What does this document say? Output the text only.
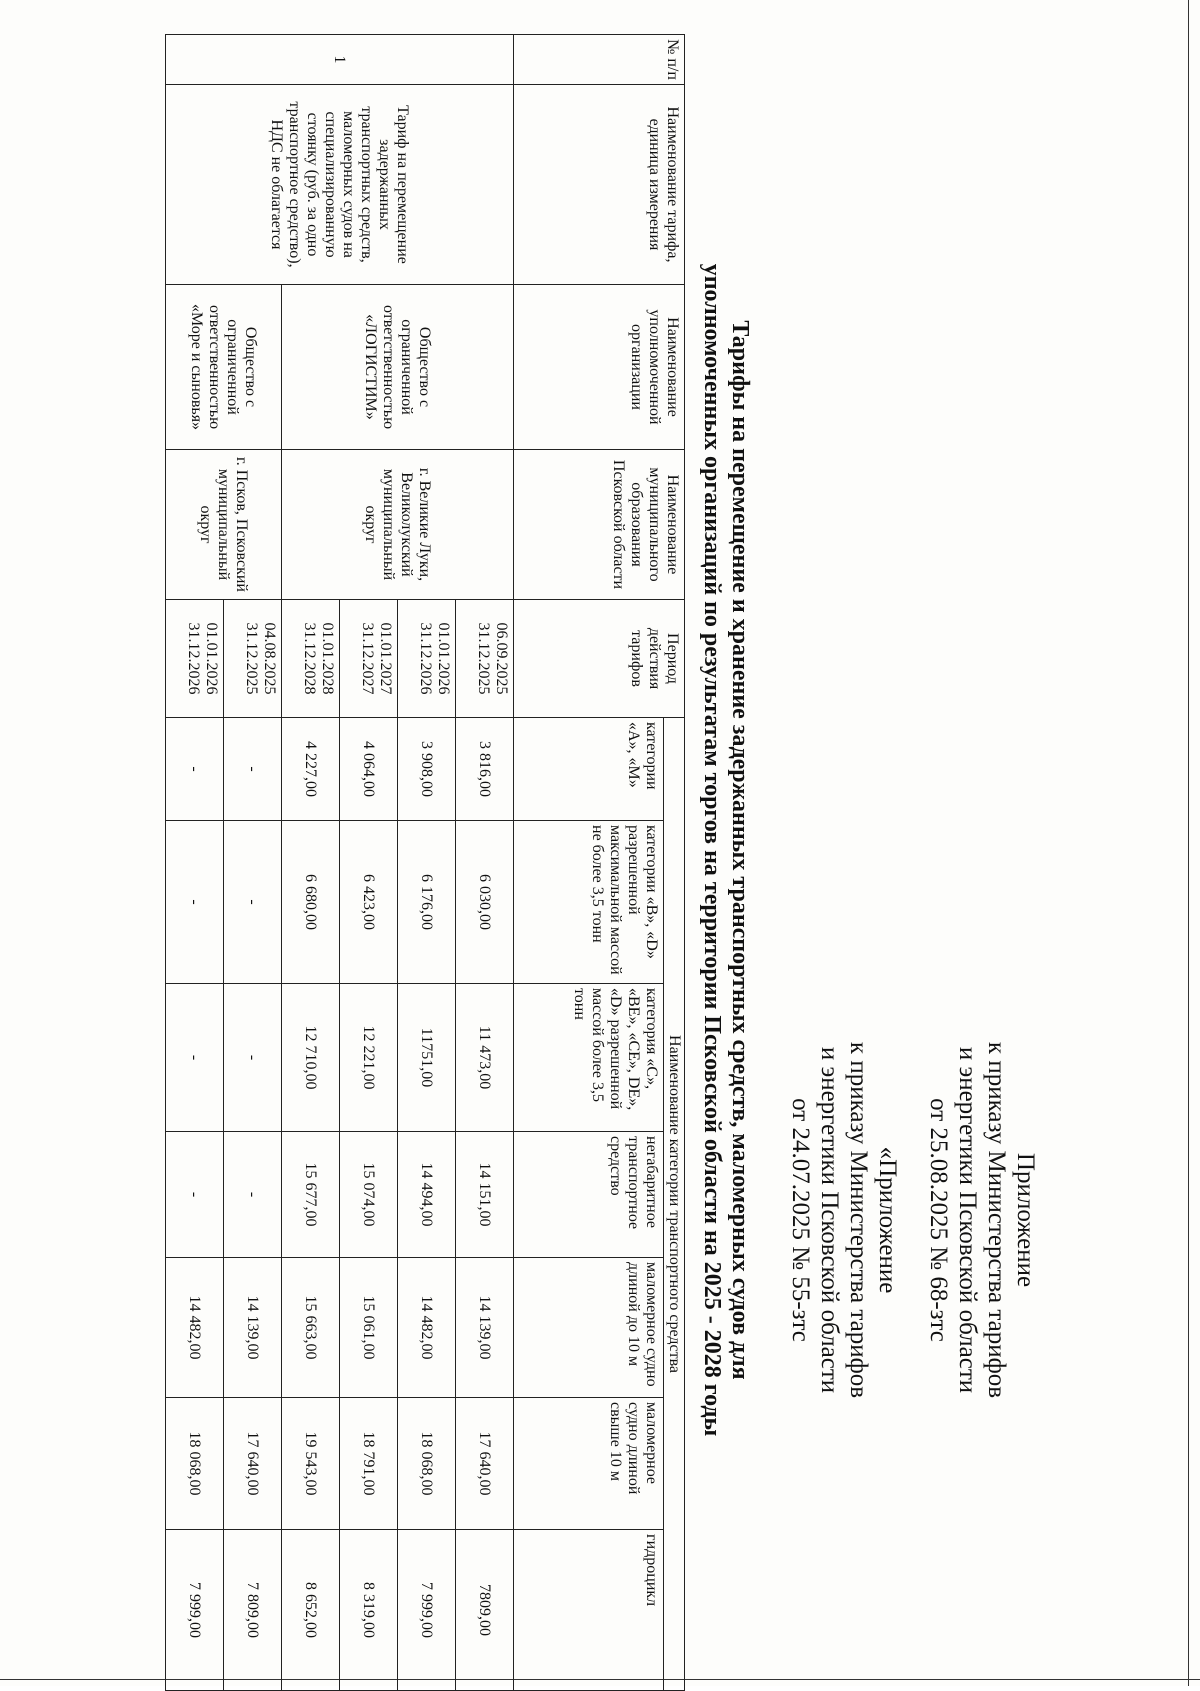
Приложение
к приказу Министерства тарифов
и энергетики Псковской области
от 25.08.2025 № 68-зтс
«Приложение
к приказу Министерства тарифов
и энергетики Псковской области
от 24.07.2025 № 55-зтс
Тарифы на перемещение и хранение задержанных транспортных средств, маломерных судов для
уполномоченных организаций по результатам торгов на территории Псковской области на 2025 - 2028 годы
№ п/п	Наименование тарифа, единица измерения	Наименование уполномоченной организации	Наименование муниципального образования Псковской области	Период действия тарифов	Наименование категории транспортного средства						
					категории «А», «М»	категории «В», «D» разрешенной максимальной массой не более 3,5 тонн	категория «С», «ВЕ», «СЕ», DE», «D» разрешенной массой более 3,5 тонн	негабаритное транспортное средство	маломерное судно длиной до 10 м	маломерное судно длиной свыше 10 м	гидроцикл
1	Тариф на перемещение задержанных транспортных средств, маломерных судов на специализированную стоянку (руб. за одно транспортное средство), НДС не облагается	Общество с ограниченной ответственностью «ЛОГИСТИМ»	г. Великие Луки, Великолукский муниципальный округ	06.09.2025 31.12.2025	3 816,00	6 030,00	11 473,00	14 151,00	14 139,00	17 640,00	7809,00
				01.01.2026 31.12.2026	3 908,00	6 176,00	11751,00	14 494,00	14 482,00	18 068,00	7 999,00
				01.01.2027 31.12.2027	4 064,00	6 423,00	12 221,00	15 074,00	15 061,00	18 791,00	8 319,00
				01.01.2028 31.12.2028	4 227,00	6 680,00	12 710,00	15 677,00	15 663,00	19 543,00	8 652,00
		Общество с ограниченной ответственностью «Море и сыновья»	г. Псков, Псковский муниципальный округ	04.08.2025 31.12.2025	-	-	-	-	14 139,00	17 640,00	7 809,00
				01.01.2026 31.12.2026	-	-	-	-	14 482,00	18 068,00	7 999,00
